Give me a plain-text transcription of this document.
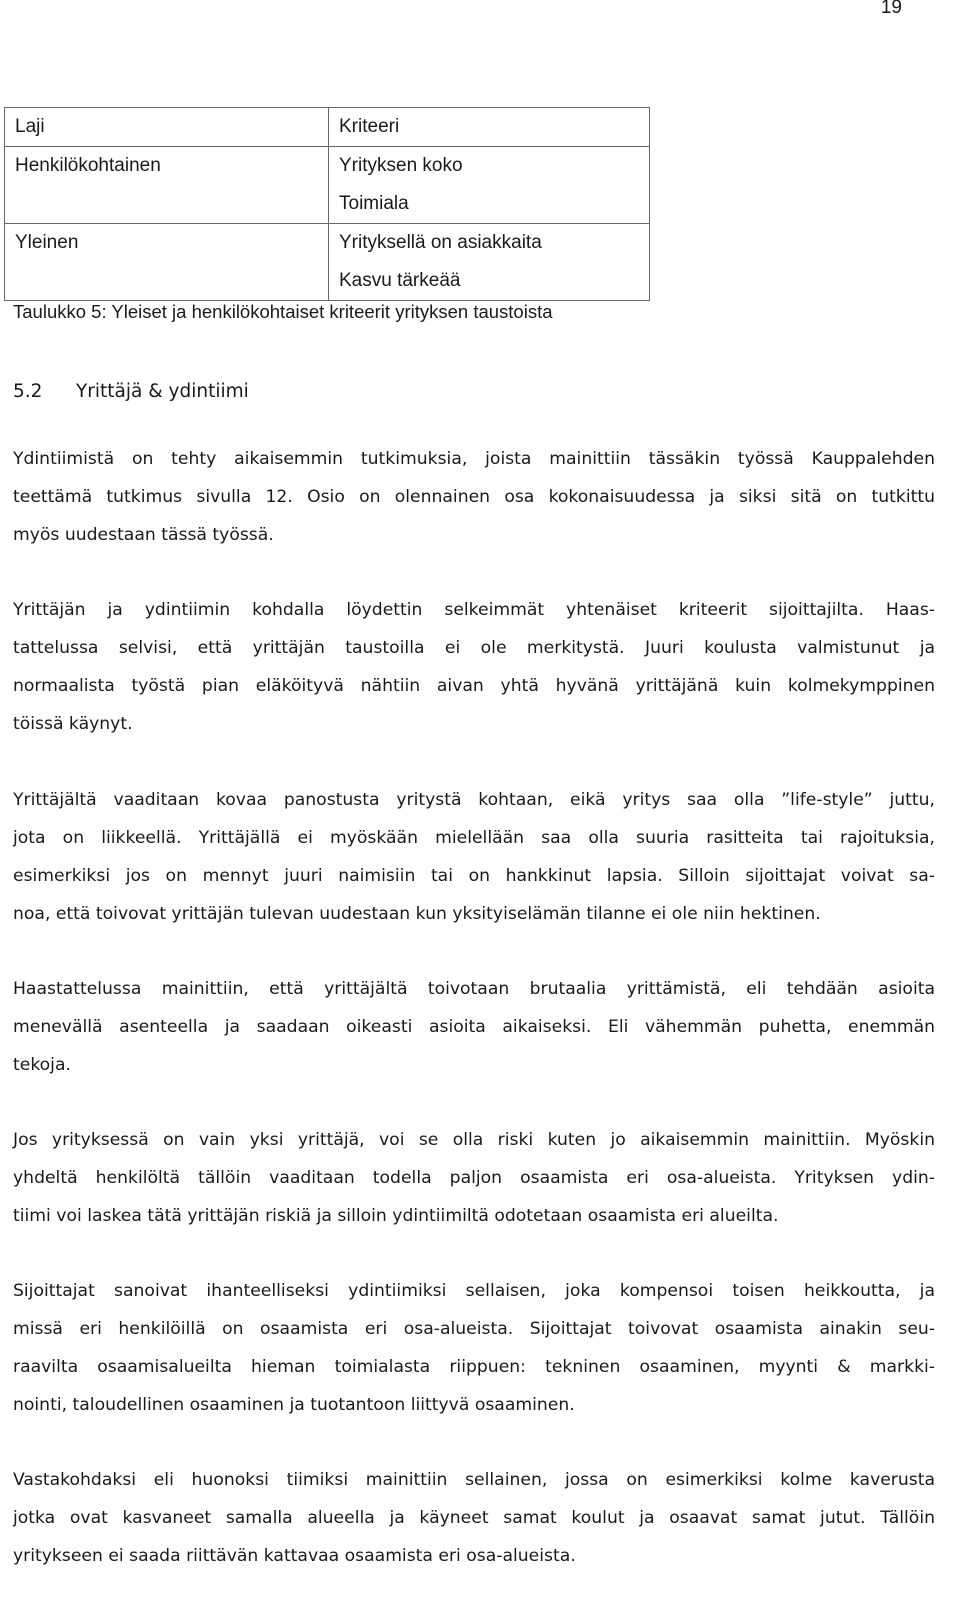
19
Laji	Kriteeri

Henkilökohtainen	Yrityksen koko
Toimiala

Yleinen	Yrityksellä on asiakkaita
Kasvu tärkeää
Taulukko 5: Yleiset ja henkilökohtaiset kriteerit yrityksen taustoista
5.2 Yrittäjä & ydintiimi
Ydintiimistä on tehty aikaisemmin tutkimuksia, joista mainittiin tässäkin työssä Kauppalehden
teettämä tutkimus sivulla 12. Osio on olennainen osa kokonaisuudessa ja siksi sitä on tutkittu
myös uudestaan tässä työssä.
Yrittäjän ja ydintiimin kohdalla löydettin selkeimmät yhtenäiset kriteerit sijoittajilta. Haas-
tattelussa selvisi, että yrittäjän taustoilla ei ole merkitystä. Juuri koulusta valmistunut ja
normaalista työstä pian eläköityvä nähtiin aivan yhtä hyvänä yrittäjänä kuin kolmekymppinen
töissä käynyt.
Yrittäjältä vaaditaan kovaa panostusta yritystä kohtaan, eikä yritys saa olla ”life-style” juttu,
jota on liikkeellä. Yrittäjällä ei myöskään mielellään saa olla suuria rasitteita tai rajoituksia,
esimerkiksi jos on mennyt juuri naimisiin tai on hankkinut lapsia. Silloin sijoittajat voivat sa-
noa, että toivovat yrittäjän tulevan uudestaan kun yksityiselämän tilanne ei ole niin hektinen.
Haastattelussa mainittiin, että yrittäjältä toivotaan brutaalia yrittämistä, eli tehdään asioita
menevällä asenteella ja saadaan oikeasti asioita aikaiseksi. Eli vähemmän puhetta, enemmän
tekoja.
Jos yrityksessä on vain yksi yrittäjä, voi se olla riski kuten jo aikaisemmin mainittiin. Myöskin
yhdeltä henkilöltä tällöin vaaditaan todella paljon osaamista eri osa-alueista. Yrityksen ydin-
tiimi voi laskea tätä yrittäjän riskiä ja silloin ydintiimiltä odotetaan osaamista eri alueilta.
Sijoittajat sanoivat ihanteelliseksi ydintiimiksi sellaisen, joka kompensoi toisen heikkoutta, ja
missä eri henkilöillä on osaamista eri osa-alueista. Sijoittajat toivovat osaamista ainakin seu-
raavilta osaamisalueilta hieman toimialasta riippuen: tekninen osaaminen, myynti & markki-
nointi, taloudellinen osaaminen ja tuotantoon liittyvä osaaminen.
Vastakohdaksi eli huonoksi tiimiksi mainittiin sellainen, jossa on esimerkiksi kolme kaverusta
jotka ovat kasvaneet samalla alueella ja käyneet samat koulut ja osaavat samat jutut. Tällöin
yritykseen ei saada riittävän kattavaa osaamista eri osa-alueista.
